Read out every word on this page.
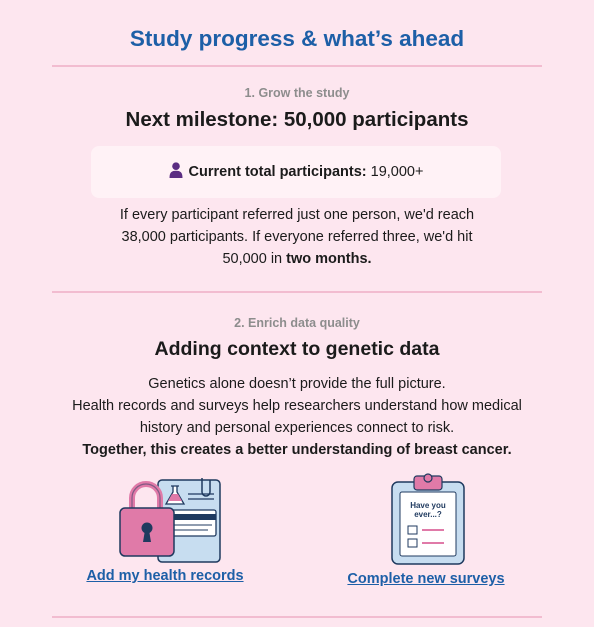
Study progress & what’s ahead
1. Grow the study
Next milestone: 50,000 participants
Current total participants: 19,000+
If every participant referred just one person, we'd reach
38,000 participants. If everyone referred three, we'd hit
50,000 in two months.
2. Enrich data quality
Adding context to genetic data
Genetics alone doesn’t provide the full picture.
Health records and surveys help researchers understand how medical
history and personal experiences connect to risk.
Together, this creates a better understanding of breast cancer.
Have you
ever...?
Add my health records	Complete new surveys
